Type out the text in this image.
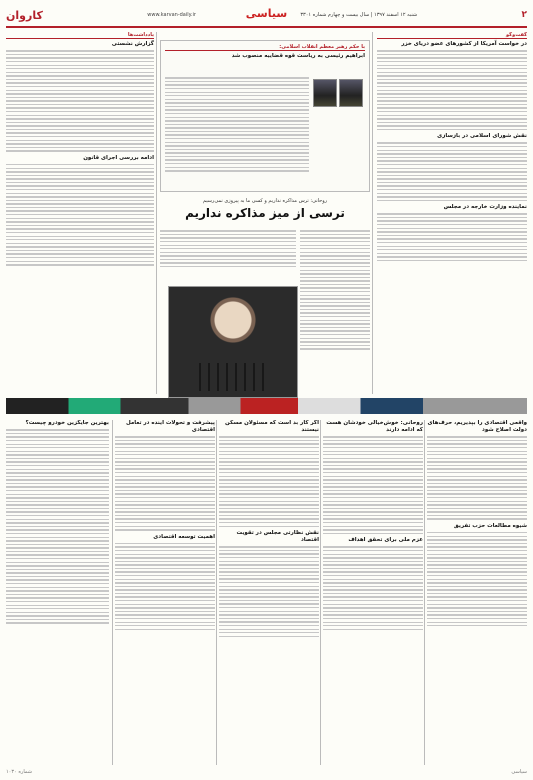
۲
شنبه ۱۲ اسفند ۱۳۹۷ | سال بیست و چهارم شماره ۳۳۰۱
سیاسی
www.karvan-daily.ir
کاروان
گفت‌وگو
در خواست آمریکا از کشورهای عضو دریای خزر
نقش شورای اسلامی در بازسازی
نماینده وزارت خارجه در مجلس
با حکم رهبر معظم انقلاب اسلامی:
ابراهیم رئیسی به ریاست قوه قضاییه منصوب شد
یادداشت‌ها
گزارش نشستی
ادامه بررسی اجرای قانون
روحانی: ترس مذاکره نداریم و کسی ما به پیروزی نمی‌رسیم
ترسی از میز مذاکره نداریم
واقعی اقتصادی را بپذیریم، حرف‌های دولت اصلاح شود
شیوه مطالعات حزب تفریق
روحانی: خوش‌خیالی خودشان هست که ادامه دارند
عزم ملی برای تحقق اهداف
اگر کار بد است که مسئولان مسکن نیستند
نقش نظارتی مجلس در تقویت اقتصاد
پیشرفت و تحولات آینده در تعامل اقتصادی
اهمیت توسعه اقتصادی
بهترین جایگزین خودرو چیست؟
سیاسی
شماره ۱۰۳۰
